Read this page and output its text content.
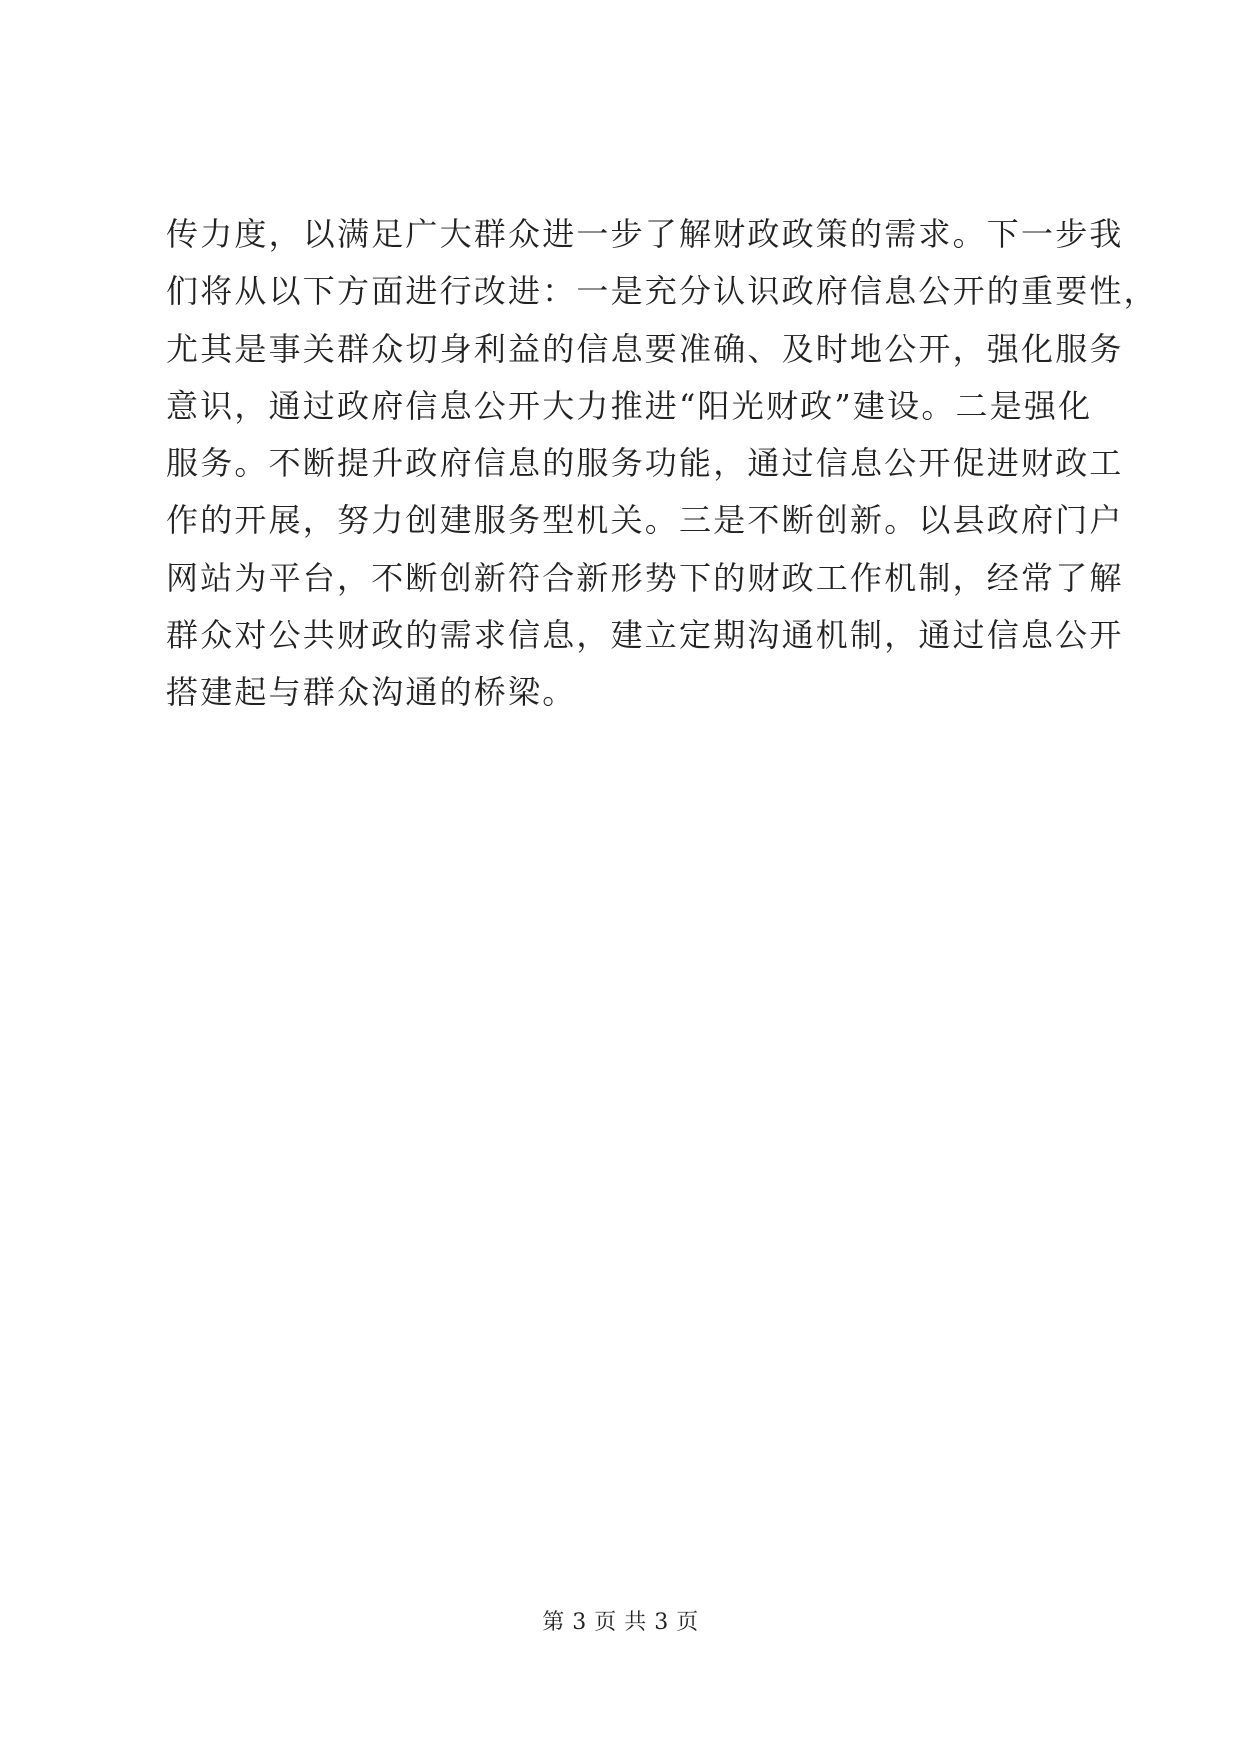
传力度，以满足广大群众进一步了解财政政策的需求。下一步我
们将从以下方面进行改进：一是充分认识政府信息公开的重要性，
尤其是事关群众切身利益的信息要准确、及时地公开，强化服务
意识，通过政府信息公开大力推进“阳光财政”建设。二是强化
服务。不断提升政府信息的服务功能，通过信息公开促进财政工
作的开展，努力创建服务型机关。三是不断创新。以县政府门户
网站为平台，不断创新符合新形势下的财政工作机制，经常了解
群众对公共财政的需求信息，建立定期沟通机制，通过信息公开
搭建起与群众沟通的桥梁。
第 3 页 共 3 页
